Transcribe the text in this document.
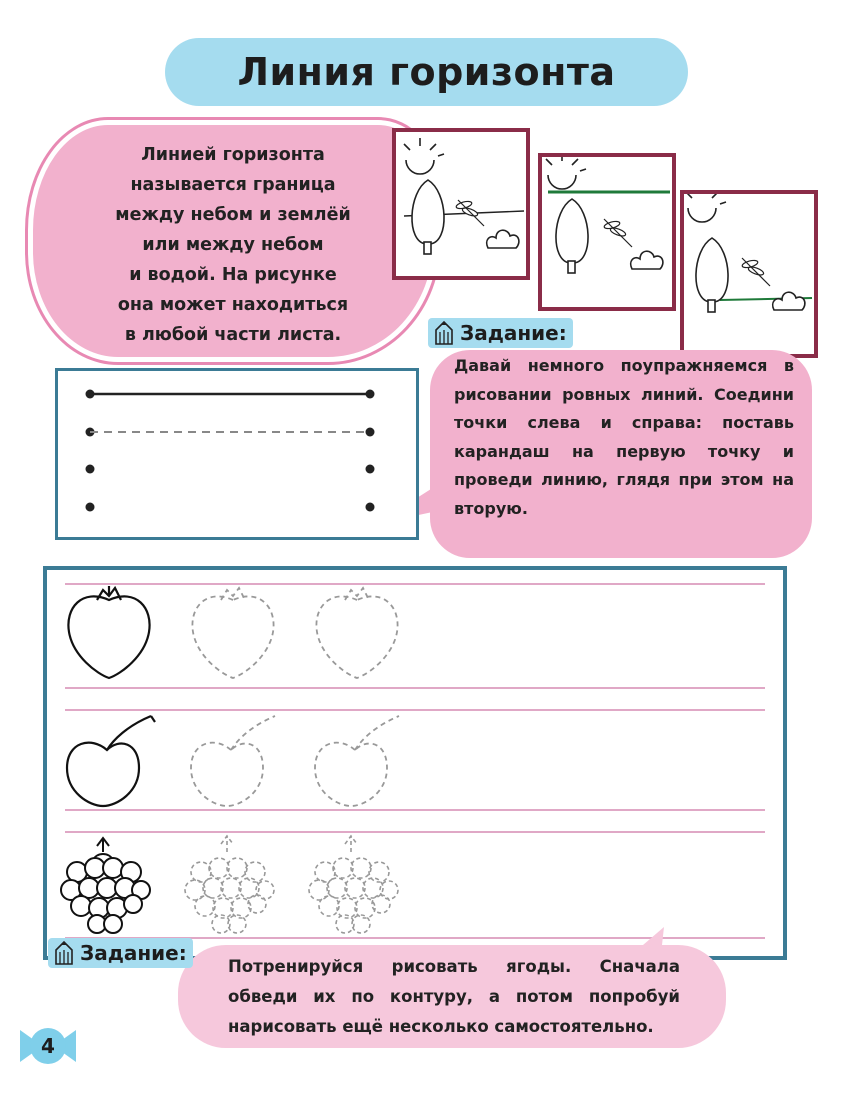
Линия горизонта
Линией горизонта
называется граница
между небом и землёй
или между небом
и водой. На рисунке
она может находиться
в любой части листа.	Задание:
Давай немного поупражняемся в рисовании ровных линий. Соедини точки слева и справа: поставь карандаш на первую точку и проведи линию, глядя при этом на вторую.
Потренируйся рисовать ягоды. Сначала обведи их по контуру, а потом попробуй нарисовать ещё несколько самостоятельно.
Задание:
4
